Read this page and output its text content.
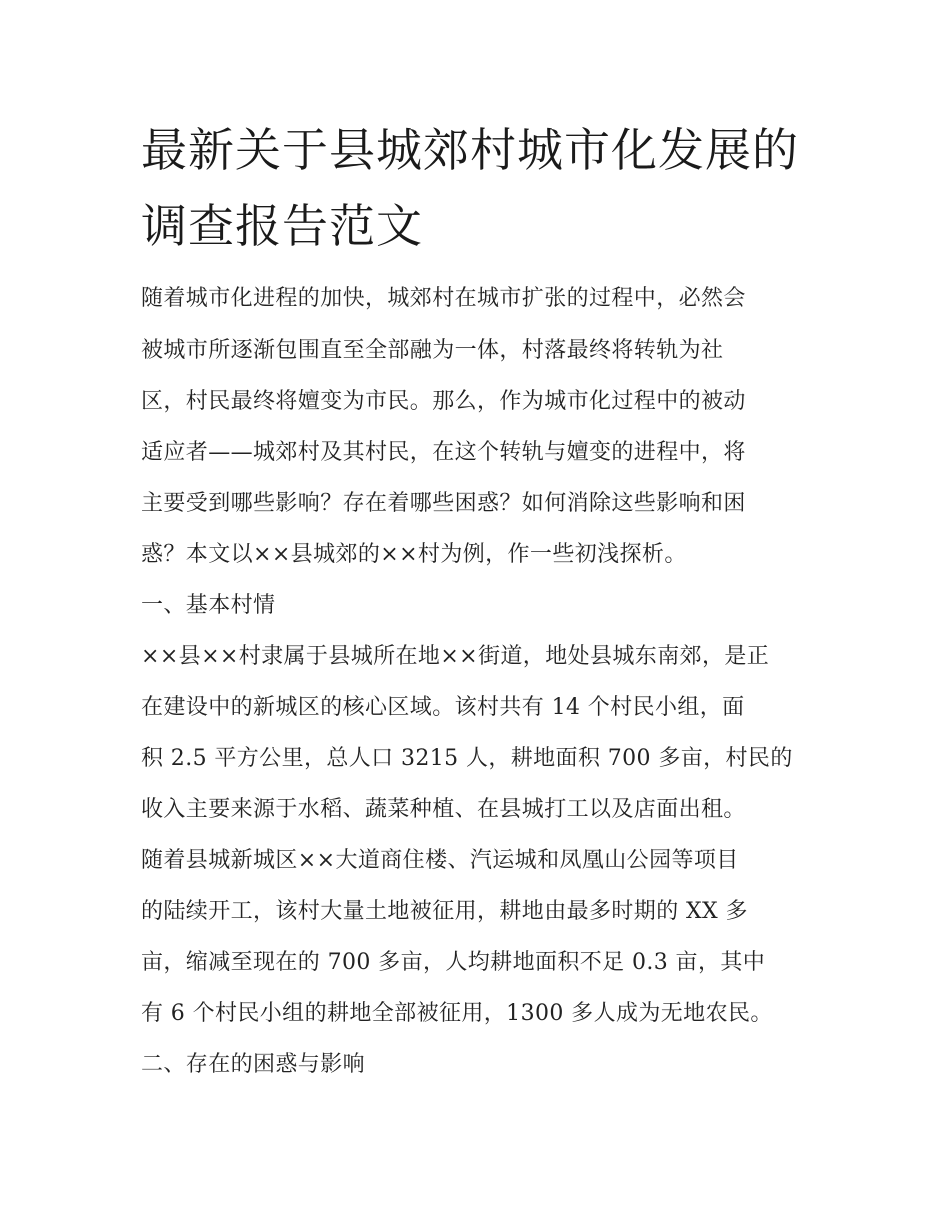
最新关于县城郊村城市化发展的调查报告范文

随着城市化进程的加快，城郊村在城市扩张的过程中，必然会

被城市所逐渐包围直至全部融为一体，村落最终将转轨为社

区，村民最终将嬗变为市民。那么，作为城市化过程中的被动

适应者——城郊村及其村民，在这个转轨与嬗变的进程中，将

主要受到哪些影响？存在着哪些困惑？如何消除这些影响和困

惑？本文以××县城郊的××村为例，作一些初浅探析。

一、基本村情

××县××村隶属于县城所在地××街道，地处县城东南郊，是正

在建设中的新城区的核心区域。该村共有 14 个村民小组，面

积 2.5 平方公里，总人口 3215 人，耕地面积 700 多亩，村民的

收入主要来源于水稻、蔬菜种植、在县城打工以及店面出租。

随着县城新城区××大道商住楼、汽运城和凤凰山公园等项目

的陆续开工，该村大量土地被征用，耕地由最多时期的 XX 多

亩，缩减至现在的 700 多亩，人均耕地面积不足 0.3 亩，其中

有 6 个村民小组的耕地全部被征用，1300 多人成为无地农民。

二、存在的困惑与影响
